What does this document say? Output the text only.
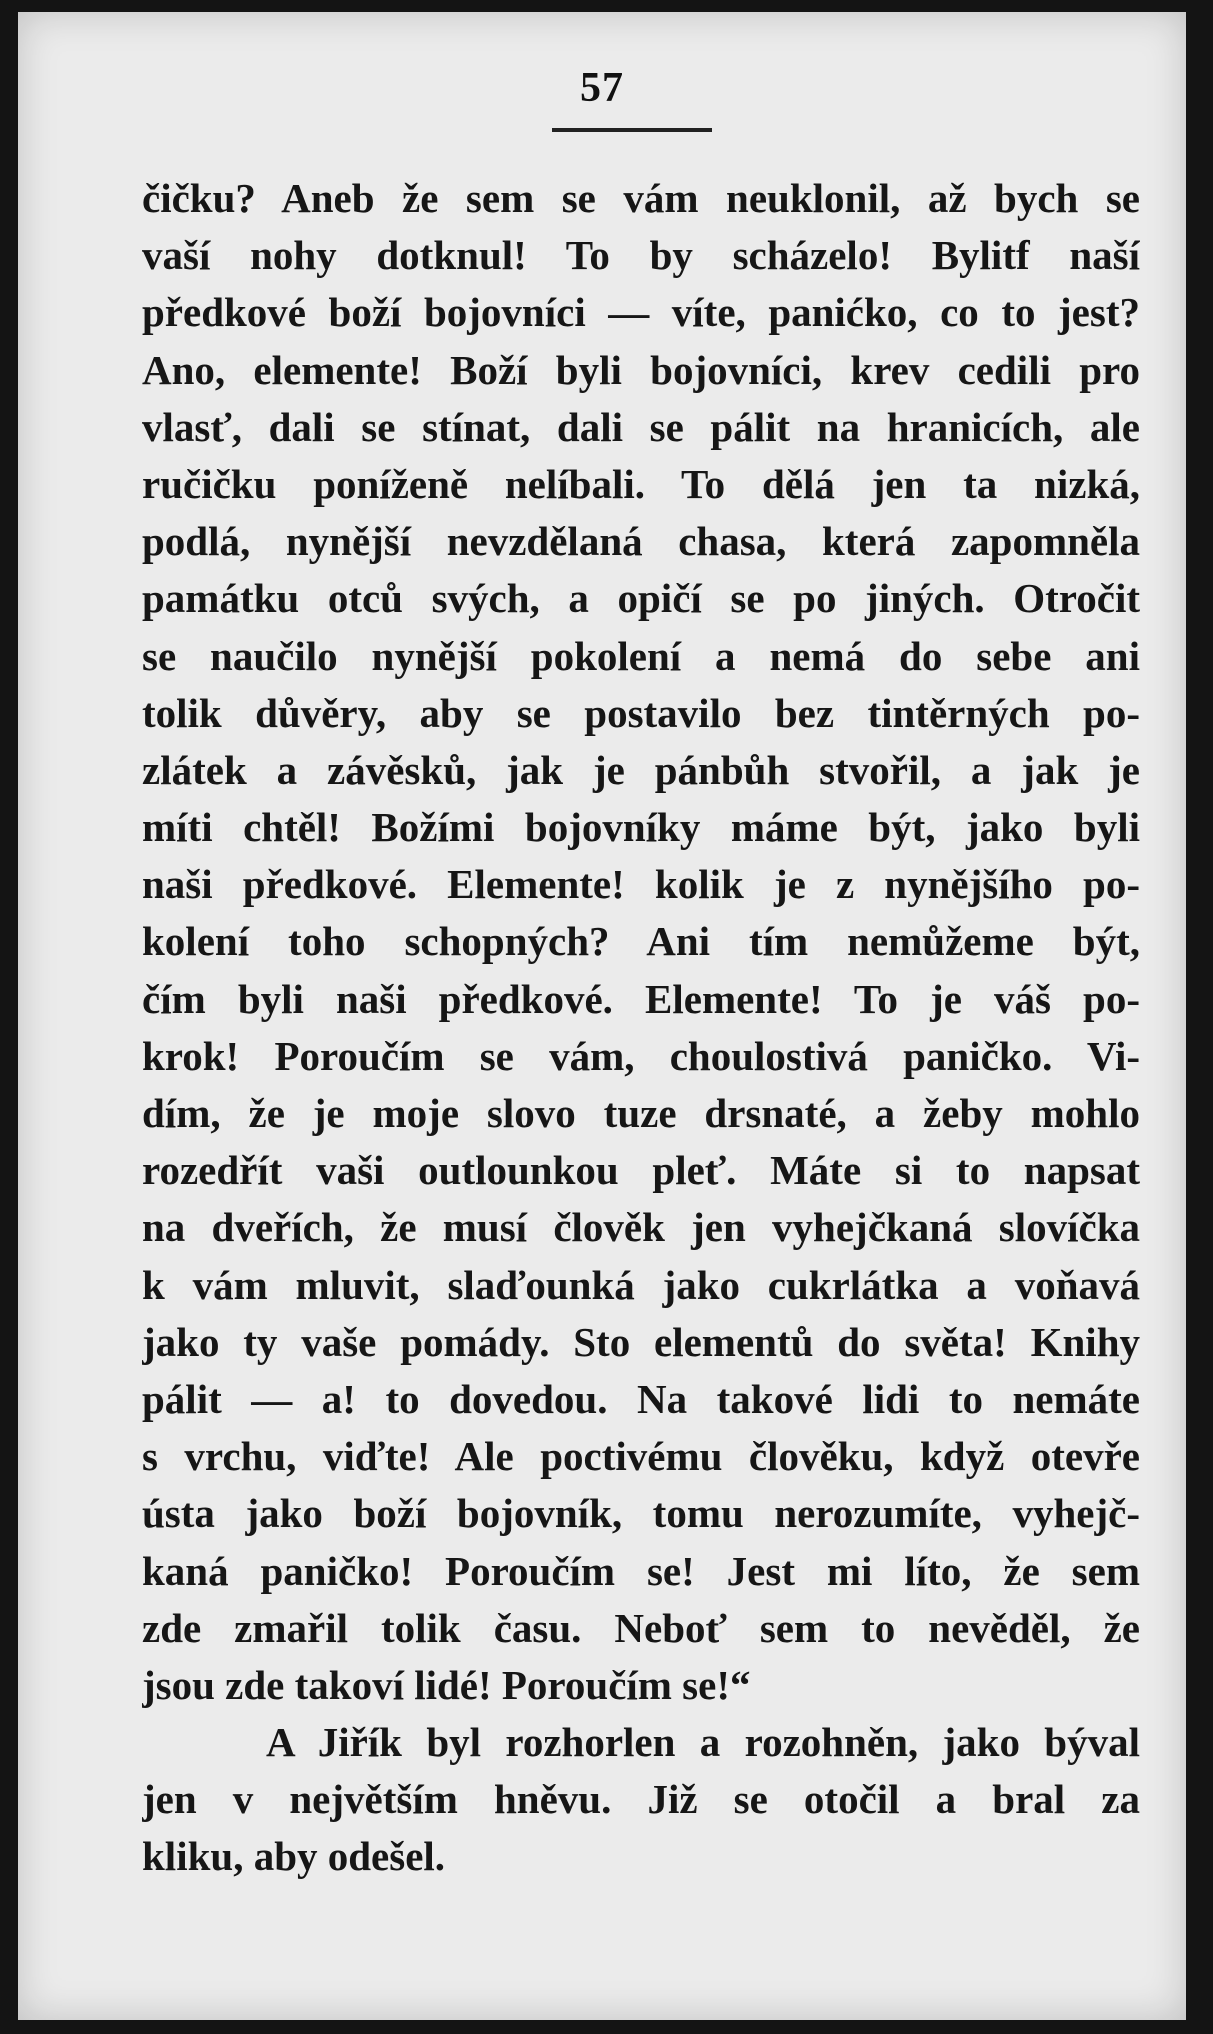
57
čičku? Aneb že sem se vám neuklonil, až bych se
vaší nohy dotknul! To by scházelo! Bylitf naší
předkové boží bojovníci — víte, panićko, co to jest?
Ano, elemente! Boží byli bojovníci, krev cedili pro
vlasť, dali se stínat, dali se pálit na hranicích, ale
ručičku poníženě nelíbali. To dělá jen ta nizká,
podlá, nynější nevzdělaná chasa, která zapomněla
památku otců svých, a opičí se po jiných. Otročit
se naučilo nynější pokolení a nemá do sebe ani
tolik důvěry, aby se postavilo bez tintěrných po-
zlátek a závěsků, jak je pánbůh stvořil, a jak je
míti chtěl! Božími bojovníky máme být, jako byli
naši předkové. Elemente! kolik je z nynějšího po-
kolení toho schopných? Ani tím nemůžeme být,
čím byli naši předkové. Elemente! To je váš po-
krok! Poroučím se vám, choulostivá paničko. Vi-
dím, že je moje slovo tuze drsnaté, a žeby mohlo
rozedřít vaši outlounkou pleť. Máte si to napsat
na dveřích, že musí člověk jen vyhejčkaná slovíčka
k vám mluvit, slaďounká jako cukrlátka a voňavá
jako ty vaše pomády. Sto elementů do světa! Knihy
pálit — a! to dovedou. Na takové lidi to nemáte
s vrchu, viďte! Ale poctivému člověku, když otevře
ústa jako boží bojovník, tomu nerozumíte, vyhejč-
kaná paničko! Poroučím se! Jest mi líto, že sem
zde zmařil tolik času. Neboť sem to nevěděl, že
jsou zde takoví lidé! Poroučím se!“
A Jiřík byl rozhorlen a rozohněn, jako býval
jen v největším hněvu. Již se otočil a bral za
kliku, aby odešel.
